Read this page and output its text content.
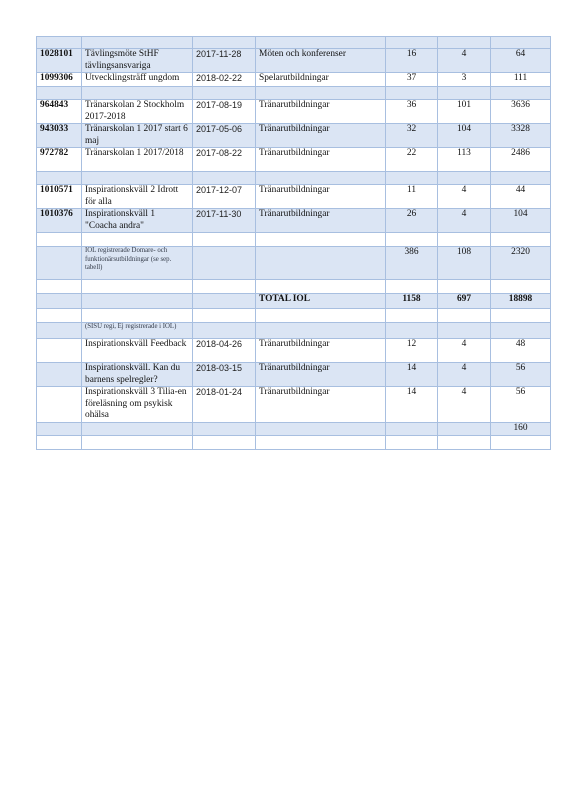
1028101	Tävlingsmöte StHF tävlingsansvariga	2017-11-28	Möten och konferenser	16	4	64
1099306	Utvecklingsträff ungdom	2018-02-22	Spelarutbildningar	37	3	111

964843	Tränarskolan 2 Stockholm 2017-2018	2017-08-19	Tränarutbildningar	36	101	3636
943033	Tränarskolan 1 2017 start 6 maj	2017-05-06	Tränarutbildningar	32	104	3328
972782	Tränarskolan 1 2017/2018	2017-08-22	Tränarutbildningar	22	113	2486

1010571	Inspirationskväll 2 Idrott för alla	2017-12-07	Tränarutbildningar	11	4	44
1010376	Inspirationskväll 1 "Coacha andra"	2017-11-30	Tränarutbildningar	26	4	104

	IOL registrerade Domare- och funktionärsutbildningar (se sep. tabell)			386	108	2320

			TOTAL IOL	1158	697	18898

	(SISU regi, Ej registrerade i IOL)					
	Inspirationskväll Feedback	2018-04-26	Tränarutbildningar	12	4	48
	Inspirationskväll. Kan du barnens spelregler?	2018-03-15	Tränarutbildningar	14	4	56
	Inspirationskväll 3 Tilia-en föreläsning om psykisk ohälsa	2018-01-24	Tränarutbildningar	14	4	56
						160
